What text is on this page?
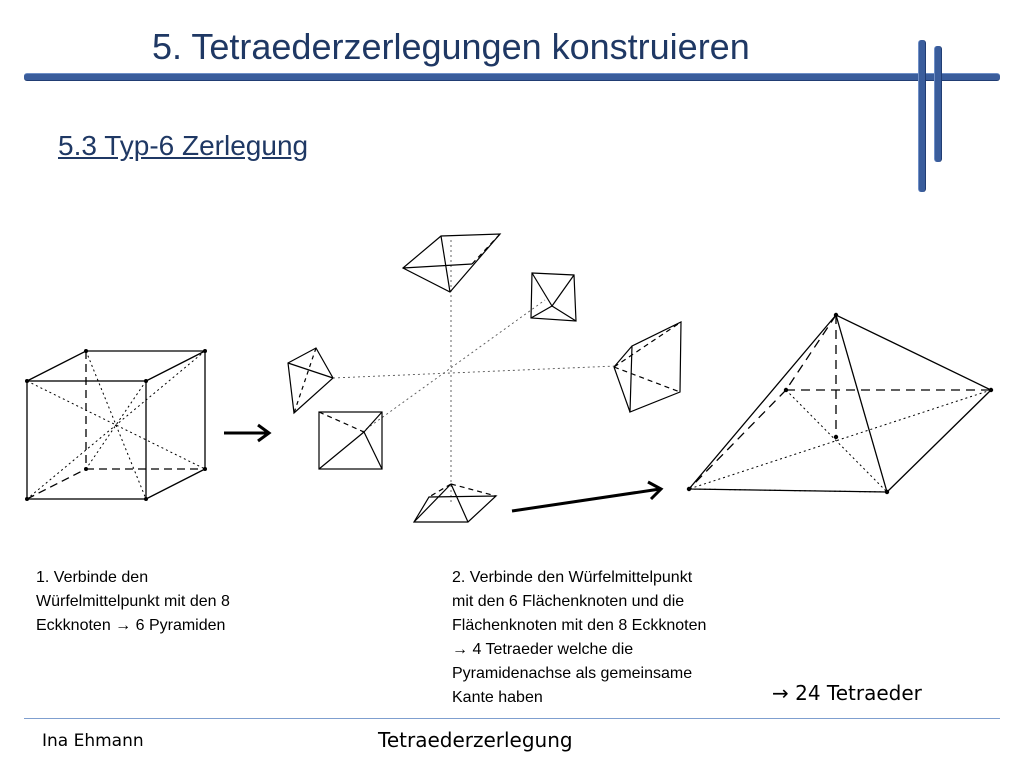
5. Tetraederzerlegungen konstruieren
5.3 Typ-6 Zerlegung
1. Verbinde den
Würfelmittelpunkt mit den 8
Eckknoten → 6 Pyramiden
2. Verbinde den Würfelmittelpunkt
mit den 6 Flächenknoten und die
Flächenknoten mit den 8 Eckknoten
→ 4 Tetraeder welche die
Pyramidenachse als gemeinsame
Kante haben	→ 24 Tetraeder
Ina Ehmann	Tetraederzerlegung
